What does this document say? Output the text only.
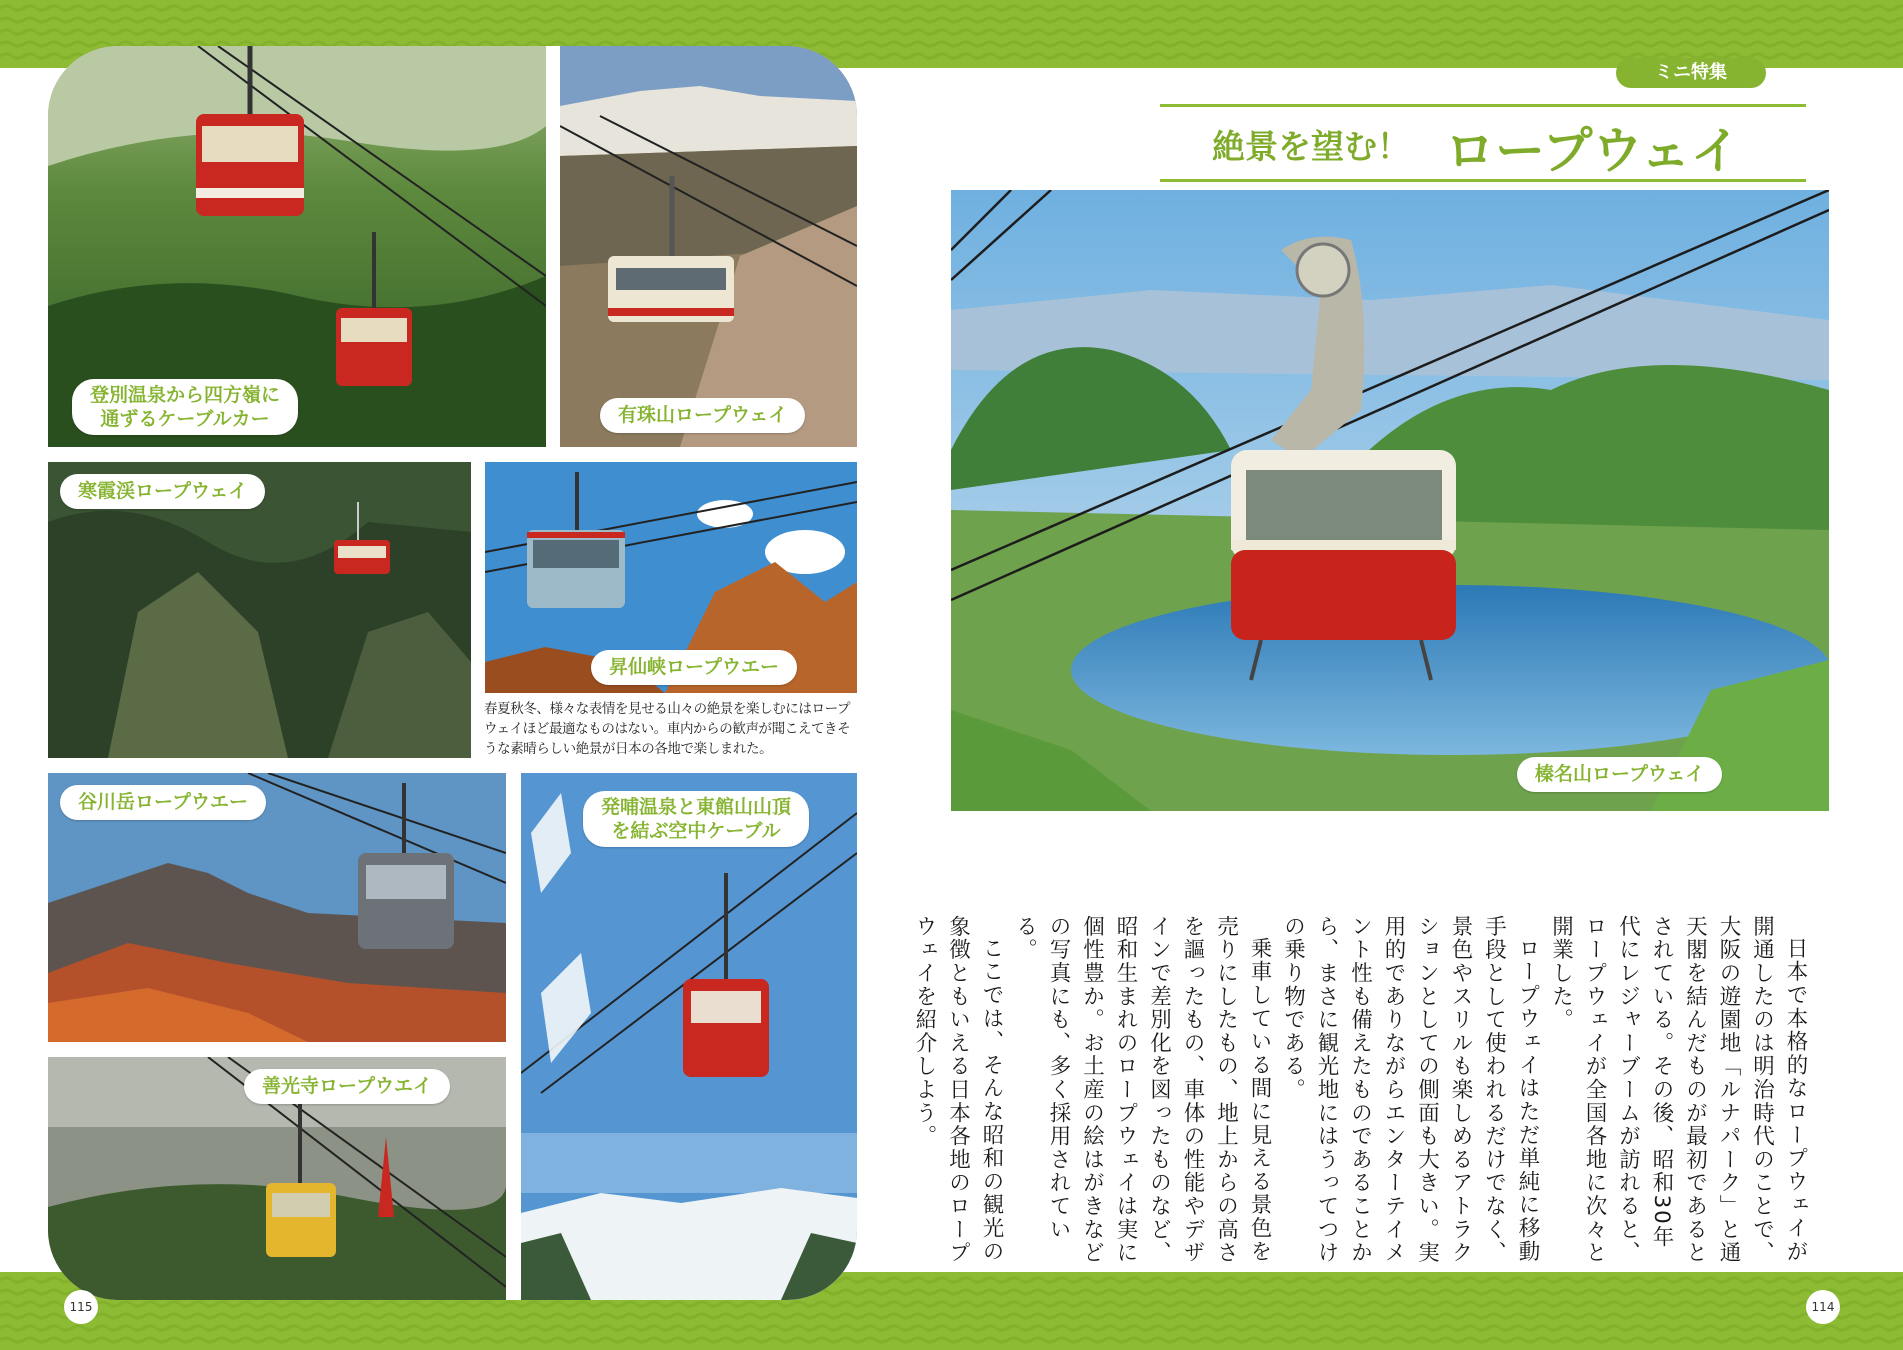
登別温泉から四方嶺に
通ずるケーブルカー	有珠山ロープウェイ
寒霞渓ロープウェイ
昇仙峡ロープウエー
春夏秋冬、様々な表情を見せる山々の絶景を楽しむにはロープウェイほど最適なものはない。車内からの歓声が聞こえてきそうな素晴らしい絶景が日本の各地で楽しまれた。
谷川岳ロープウエー	発哺温泉と東館山山頂
を結ぶ空中ケーブル
善光寺ロープウエイ
ミニ特集
絶景を望む！ ロープウェイ
榛名山ロープウェイ

日本で本格的なロープウェイが開通したのは明治時代のことで、大阪の遊園地「ルナパーク」と通天閣を結んだものが最初であるとされている。その後、昭和30年代にレジャーブームが訪れると、ロープウェイが全国各地に次々と開業した。

ロープウェイはただ単純に移動手段として使われるだけでなく、景色やスリルも楽しめるアトラクションとしての側面も大きい。実用的でありながらエンターテイメント性も備えたものであることから、まさに観光地にはうってつけの乗り物である。

乗車している間に見える景色を売りにしたもの、地上からの高さを謳ったもの、車体の性能やデザインで差別化を図ったものなど、昭和生まれのロープウェイは実に個性豊か。お土産の絵はがきなどの写真にも、多く採用されている。

ここでは、そんな昭和の観光の象徴ともいえる日本各地のロープウェイを紹介しよう。

115	114
